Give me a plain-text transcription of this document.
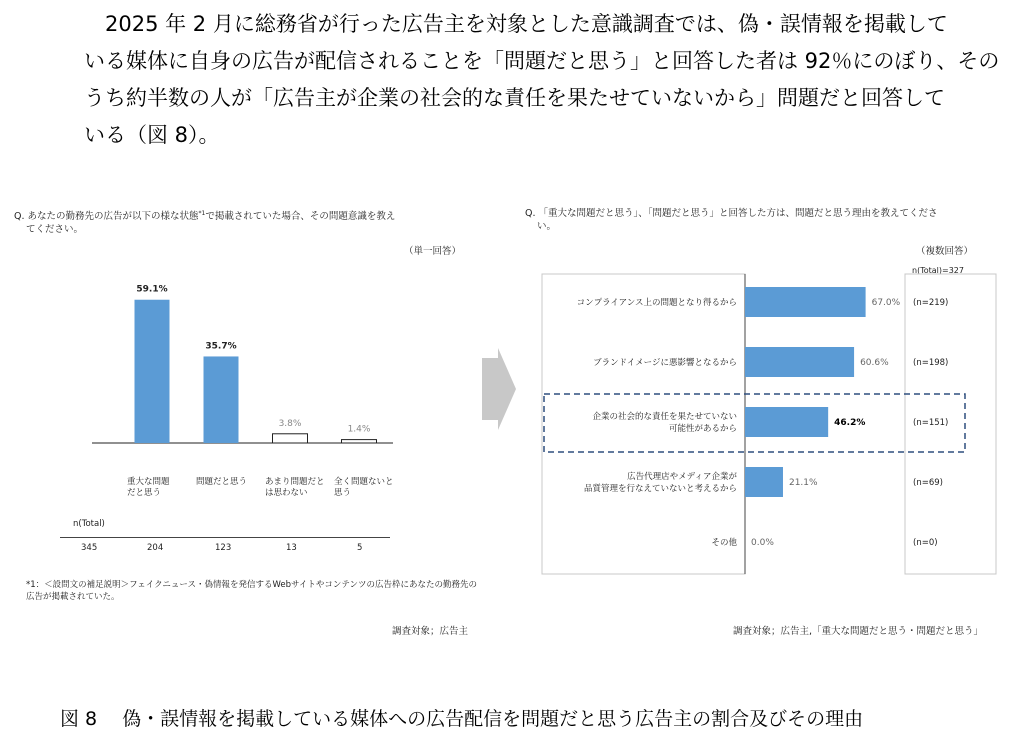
2025 年 2 月に総務省が行った広告主を対象とした意識調査では、偽・誤情報を掲載して
いる媒体に自身の広告が配信されることを「問題だと思う」と回答した者は 92％にのぼり、その
うち約半数の人が「広告主が企業の社会的な責任を果たせていないから」問題だと回答して
いる（図 8）。
Q. あなたの勤務先の広告が以下の様な状態$^{*1}$で掲載されていた場合、その問題意識を教え
てください。
（単一回答）
59.1%
重大な問題
だと思う
35.7%
問題だと思う
3.8%
あまり問題だと
は思わない
1.4%
全く問題ないと
思う
n(Total)
345	204	123	13	5
*1：＜設問文の補足説明＞フェイクニュース・偽情報を発信するWebサイトやコンテンツの広告枠にあなたの勤務先の
広告が掲載されていた。
調査対象；広告主
Q. 「重大な問題だと思う」、「問題だと思う」と回答した方は、問題だと思う理由を教えてくださ
い。
（複数回答）
n(Total)=327
67.0% (n=219)
コンプライアンス上の問題となり得るから
60.6%	(n=198)
ブランドイメージに悪影響となるから
46.2%	(n=151)
企業の社会的な責任を果たせていない
可能性があるから
21.1%	(n=69)
広告代理店やメディア企業が
品質管理を行なえていないと考えるから
0.0%	(n=0)
その他
調査対象；広告主,「重大な問題だと思う・問題だと思う」
図 8　 偽・誤情報を掲載している媒体への広告配信を問題だと思う広告主の割合及びその理由
